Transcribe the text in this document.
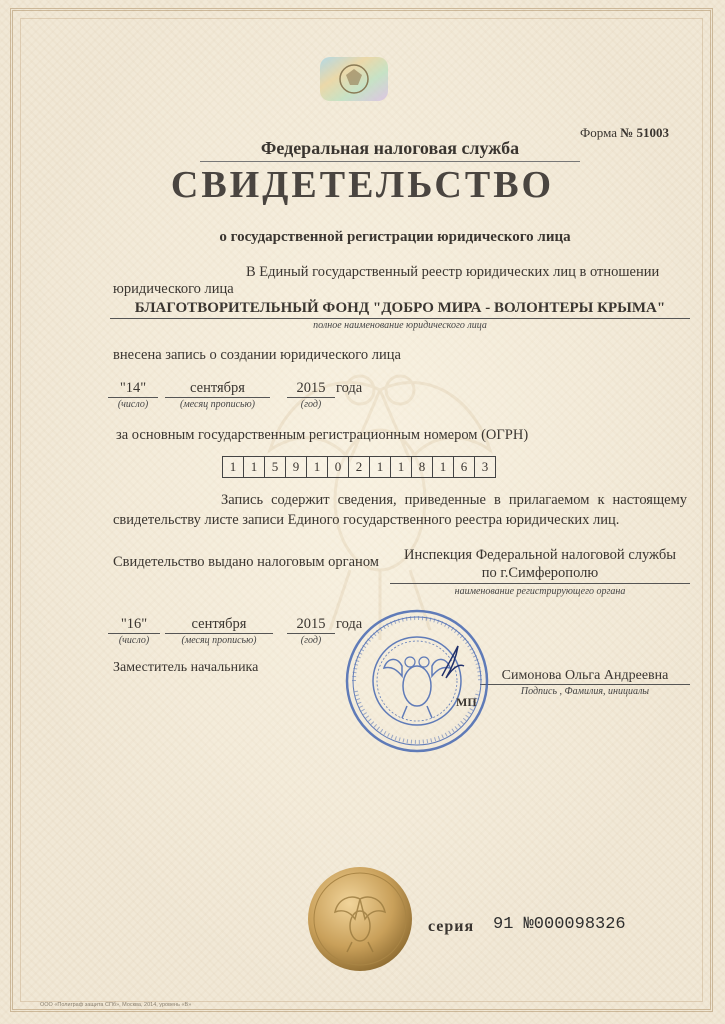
Форма № 51003
Федеральная налоговая служба
СВИДЕТЕЛЬСТВО
о государственной регистрации юридического лица
В Единый государственный реестр юридических лиц в отношении
юридического лица
БЛАГОТВОРИТЕЛЬНЫЙ ФОНД "ДОБРО МИРА - ВОЛОНТЕРЫ КРЫМА"
полное наименование юридического лица
внесена запись о создании юридического лица
"14"	сентября	2015 года
(число)	(месяц прописью)	(год)
за основным государственным регистрационным номером (ОГРН)
1	1	5	9	1	0	2	1	1	8	1	6	3
Запись содержит сведения, приведенные в прилагаемом к настоящему свидетельству листе записи Единого государственного реестра юридических лиц.
Свидетельство выдано налоговым органом	Инспекция Федеральной налоговой службы
по г.Симферополю
наименование регистрирующего органа
"16"	сентября	2015 года
(число)	(месяц прописью)	(год)
Заместитель начальника
Симонова Ольга Андреевна
Подпись , Фамилия, инициалы
МП
серия 91 №000098326
ООО «Полиграф защита СПб», Москва, 2014, уровень «В»
